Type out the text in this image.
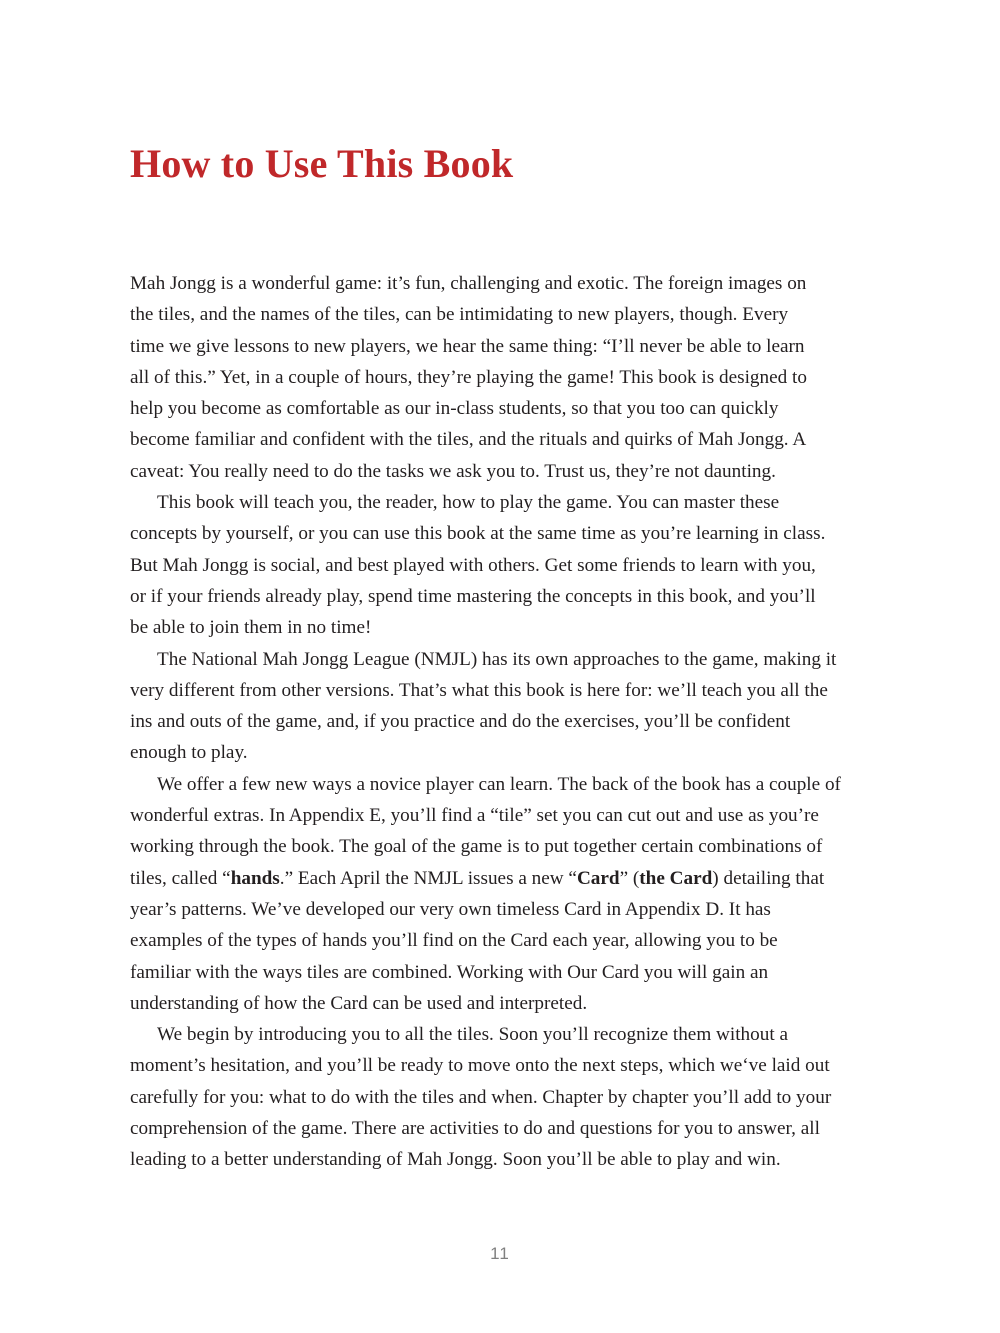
How to Use This Book

Mah Jongg is a wonderful game: it’s fun, challenging and exotic. The foreign images on
the tiles, and the names of the tiles, can be intimidating to new players, though. Every
time we give lessons to new players, we hear the same thing: “I’ll never be able to learn
all of this.” Yet, in a couple of hours, they’re playing the game! This book is designed to
help you become as comfortable as our in-class students, so that you too can quickly
become familiar and confident with the tiles, and the rituals and quirks of Mah Jongg. A
caveat: You really need to do the tasks we ask you to. Trust us, they’re not daunting.

This book will teach you, the reader, how to play the game. You can master these
concepts by yourself, or you can use this book at the same time as you’re learning in class.
But Mah Jongg is social, and best played with others. Get some friends to learn with you,
or if your friends already play, spend time mastering the concepts in this book, and you’ll
be able to join them in no time!

The National Mah Jongg League (NMJL) has its own approaches to the game, making it
very different from other versions. That’s what this book is here for: we’ll teach you all the
ins and outs of the game, and, if you practice and do the exercises, you’ll be confident
enough to play.

We offer a few new ways a novice player can learn. The back of the book has a couple of
wonderful extras. In Appendix E, you’ll find a “tile” set you can cut out and use as you’re
working through the book. The goal of the game is to put together certain combinations of
tiles, called “hands.” Each April the NMJL issues a new “Card” (the Card) detailing that
year’s patterns. We’ve developed our very own timeless Card in Appendix D. It has
examples of the types of hands you’ll find on the Card each year, allowing you to be
familiar with the ways tiles are combined. Working with Our Card you will gain an
understanding of how the Card can be used and interpreted.

We begin by introducing you to all the tiles. Soon you’ll recognize them without a
moment’s hesitation, and you’ll be ready to move onto the next steps, which we‘ve laid out
carefully for you: what to do with the tiles and when. Chapter by chapter you’ll add to your
comprehension of the game. There are activities to do and questions for you to answer, all
leading to a better understanding of Mah Jongg. Soon you’ll be able to play and win.

11
